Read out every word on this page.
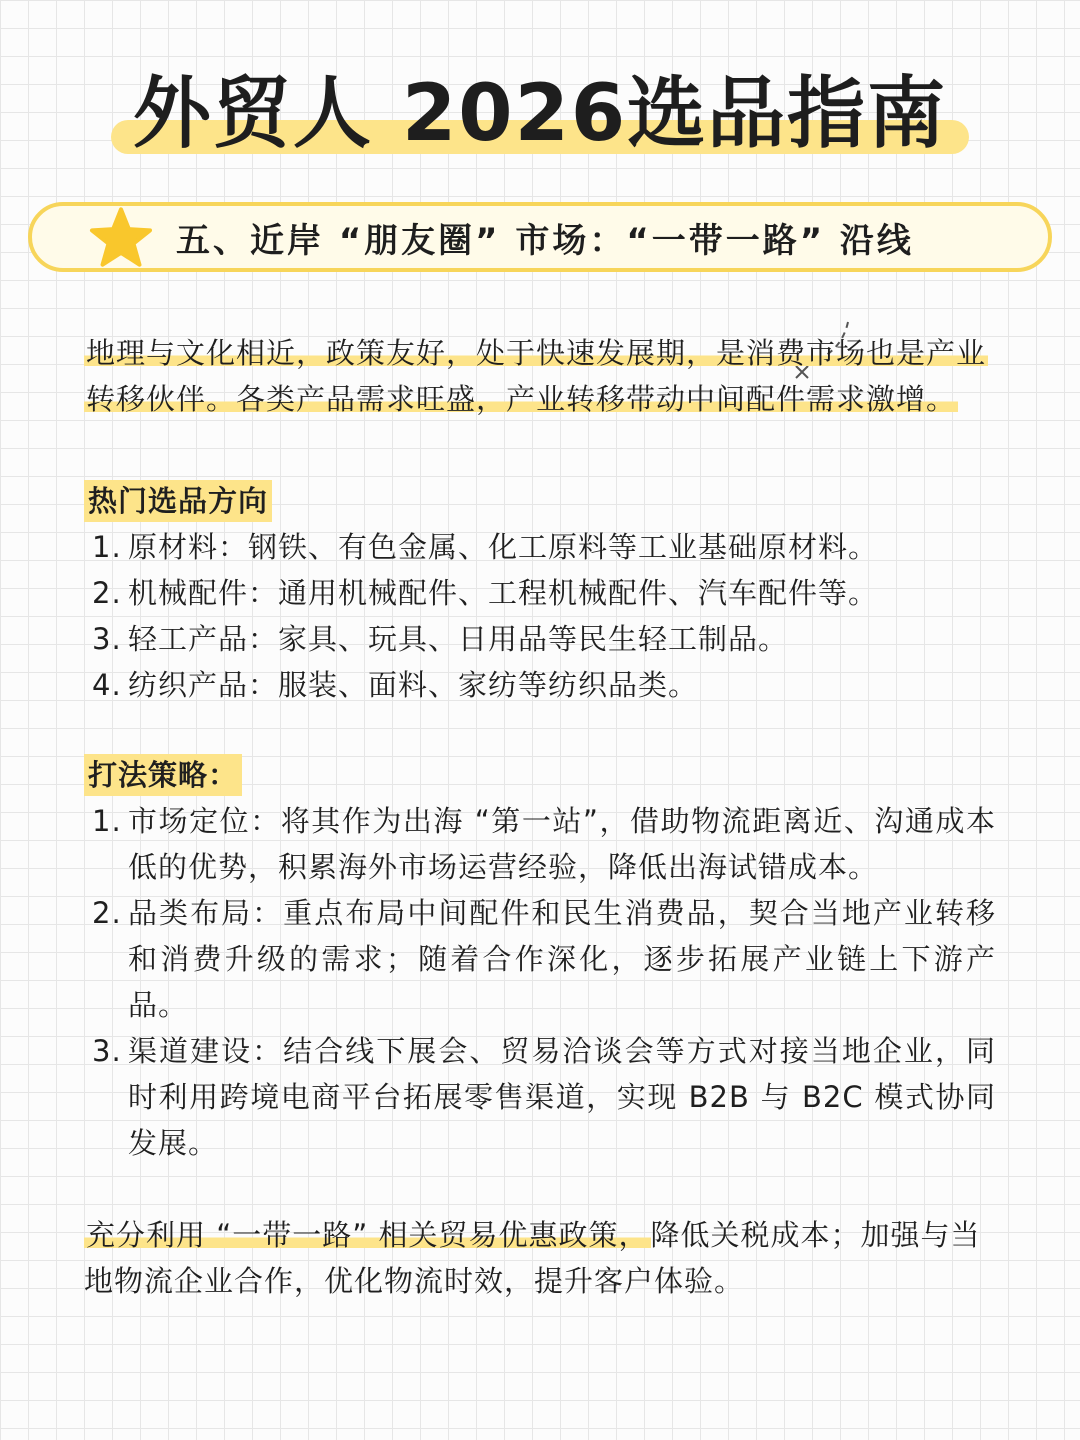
外贸人 2026选品指南
五、近岸 “朋友圈” 市场：“一带一路” 沿线

地理与文化相近，政策友好，处于快速发展期，是消费市场也是产业转移伙伴。各类产品需求旺盛，产业转移带动中间配件需求激增。

热门选品方向
1. 原材料：钢铁、有色金属、化工原料等工业基础原材料。
2. 机械配件：通用机械配件、工程机械配件、汽车配件等。
3. 轻工产品：家具、玩具、日用品等民生轻工制品。
4. 纺织产品：服装、面料、家纺等纺织品类。
打法策略：
1. 市场定位：将其作为出海 “第一站”，借助物流距离近、沟通成本低的优势，积累海外市场运营经验，降低出海试错成本。
2. 品类布局：重点布局中间配件和民生消费品，契合当地产业转移和消费升级的需求；随着合作深化，逐步拓展产业链上下游产品。
3. 渠道建设：结合线下展会、贸易洽谈会等方式对接当地企业，同时利用跨境电商平台拓展零售渠道，实现 B2B 与 B2C 模式协同发展。

充分利用 “一带一路” 相关贸易优惠政策，降低关税成本；加强与当地物流企业合作，优化物流时效，提升客户体验。
